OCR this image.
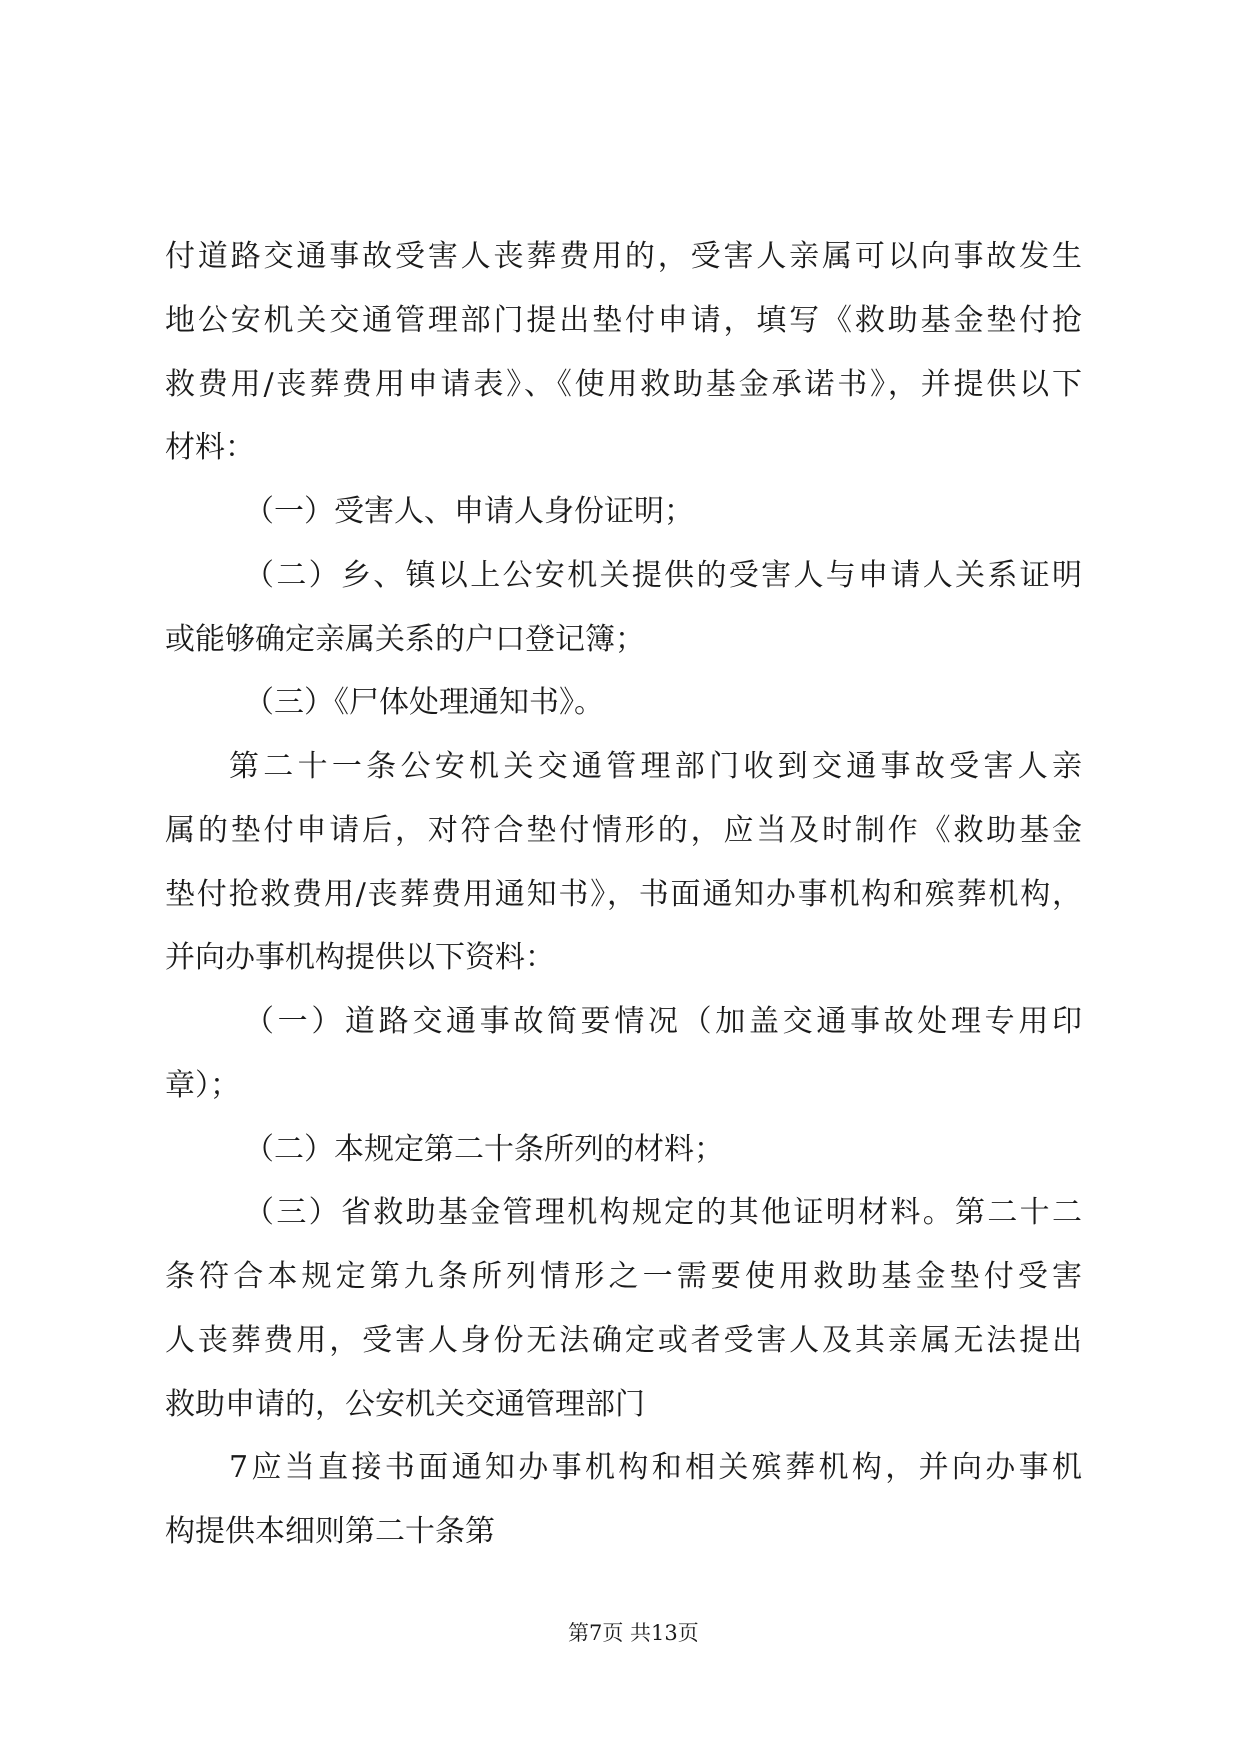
付道路交通事故受害人丧葬费用的，受害人亲属可以向事故发生
地公安机关交通管理部门提出垫付申请，填写《救助基金垫付抢
救费用/丧葬费用申请表》、《使用救助基金承诺书》，并提供以下
材料：
（一）受害人、申请人身份证明；
（二）乡、镇以上公安机关提供的受害人与申请人关系证明
或能够确定亲属关系的户口登记簿；
（三）《尸体处理通知书》。
第二十一条公安机关交通管理部门收到交通事故受害人亲
属的垫付申请后，对符合垫付情形的，应当及时制作《救助基金
垫付抢救费用/丧葬费用通知书》，书面通知办事机构和殡葬机构，
并向办事机构提供以下资料：
（一）道路交通事故简要情况（加盖交通事故处理专用印
章）；
（二）本规定第二十条所列的材料；
（三）省救助基金管理机构规定的其他证明材料。第二十二
条符合本规定第九条所列情形之一需要使用救助基金垫付受害
人丧葬费用，受害人身份无法确定或者受害人及其亲属无法提出
救助申请的，公安机关交通管理部门
7应当直接书面通知办事机构和相关殡葬机构，并向办事机
构提供本细则第二十条第
第7页 共13页
